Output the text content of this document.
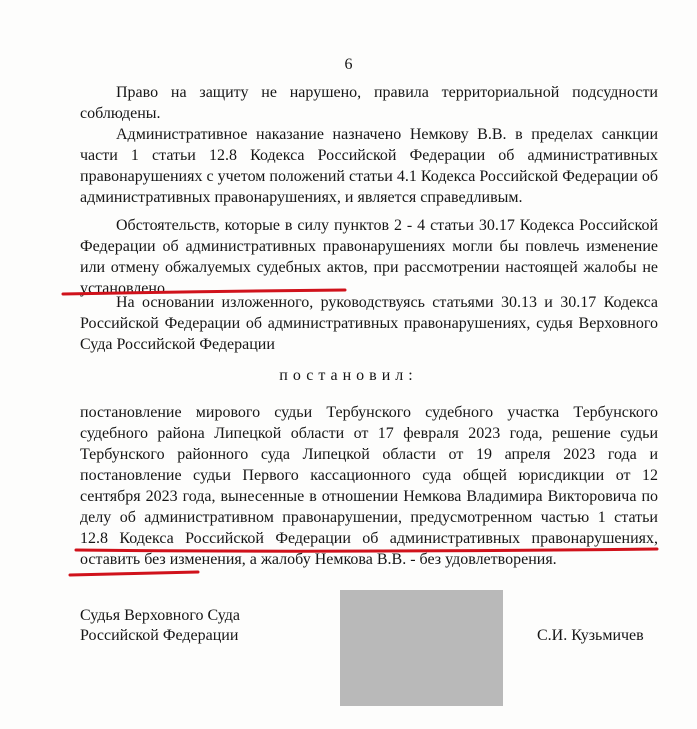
6

Право на защиту не нарушено, правила территориальной подсудности соблюдены.

Административное наказание назначено Немкову В.В. в пределах санкции части 1 статьи 12.8 Кодекса Российской Федерации об административных правонарушениях с учетом положений статьи 4.1 Кодекса Российской Федерации об административных правонарушениях, и является справедливым.

Обстоятельств, которые в силу пунктов 2 - 4 статьи 30.17 Кодекса Российской Федерации об административных правонарушениях могли бы повлечь изменение или отмену обжалуемых судебных актов, при рассмотрении настоящей жалобы не установлено.

На основании изложенного, руководствуясь статьями 30.13 и 30.17 Кодекса Российской Федерации об административных правонарушениях, судья Верховного Суда Российской Федерации

постановил:

постановление мирового судьи Тербунского судебного участка Тербунского судебного района Липецкой области от 17 февраля 2023 года, решение судьи Тербунского районного суда Липецкой области от 19 апреля 2023 года и постановление судьи Первого кассационного суда общей юрисдикции от 12 сентября 2023 года, вынесенные в отношении Немкова Владимира Викторовича по делу об административном правонарушении, предусмотренном частью 1 статьи 12.8 Кодекса Российской Федерации об административных правонарушениях, оставить без изменения, а жалобу Немкова В.В. - без удовлетворения.

Судья Верховного Суда
Российской Федерации	С.И. Кузьмичев
